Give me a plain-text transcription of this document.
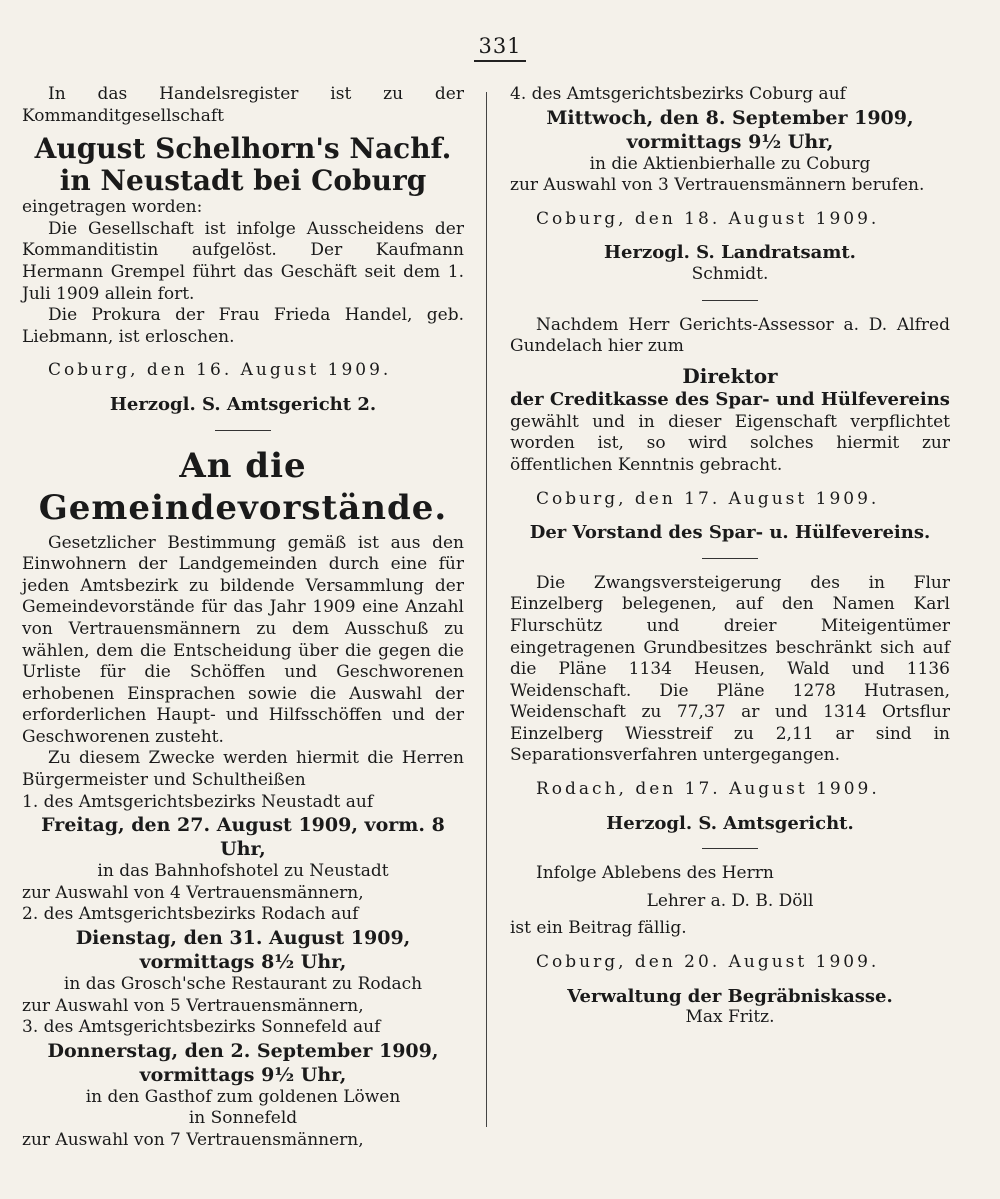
331

In das Handelsregister ist zu der Kommanditgesellschaft

August Schelhorn's Nachf.

in Neustadt bei Coburg

eingetragen worden:

Die Gesellschaft ist infolge Ausscheidens der Kommanditistin aufgelöst. Der Kaufmann Hermann Grempel führt das Geschäft seit dem 1. Juli 1909 allein fort.

Die Prokura der Frau Frieda Handel, geb. Liebmann, ist erloschen.

Coburg, den 16. August 1909.

Herzogl. S. Amtsgericht 2.

An die Gemeindevorstände.

Gesetzlicher Bestimmung gemäß ist aus den Einwohnern der Landgemeinden durch eine für jeden Amtsbezirk zu bildende Versammlung der Gemeindevorstände für das Jahr 1909 eine Anzahl von Vertrauensmännern zu dem Ausschuß zu wählen, dem die Entscheidung über die gegen die Urliste für die Schöffen und Geschworenen erhobenen Einsprachen sowie die Auswahl der erforderlichen Haupt- und Hilfsschöffen und der Geschworenen zusteht.

Zu diesem Zwecke werden hiermit die Herren Bürgermeister und Schultheißen

1. des Amtsgerichtsbezirks Neustadt auf

Freitag, den 27. August 1909, vorm. 8 Uhr,

in das Bahnhofshotel zu Neustadt

zur Auswahl von 4 Vertrauensmännern,

2. des Amtsgerichtsbezirks Rodach auf

Dienstag, den 31. August 1909,

vormittags 8½ Uhr,

in das Grosch'sche Restaurant zu Rodach

zur Auswahl von 5 Vertrauensmännern,

3. des Amtsgerichtsbezirks Sonnefeld auf

Donnerstag, den 2. September 1909,

vormittags 9½ Uhr,

in den Gasthof zum goldenen Löwen

in Sonnefeld

zur Auswahl von 7 Vertrauensmännern,

4. des Amtsgerichtsbezirks Coburg auf

Mittwoch, den 8. September 1909,

vormittags 9½ Uhr,

in die Aktienbierhalle zu Coburg

zur Auswahl von 3 Vertrauensmännern berufen.

Coburg, den 18. August 1909.

Herzogl. S. Landratsamt.

Schmidt.

Nachdem Herr Gerichts-Assessor a. D. Alfred Gundelach hier zum

Direktor

der Creditkasse des Spar- und Hülfevereins

gewählt und in dieser Eigenschaft verpflichtet worden ist, so wird solches hiermit zur öffentlichen Kenntnis gebracht.

Coburg, den 17. August 1909.

Der Vorstand des Spar- u. Hülfevereins.

Die Zwangsversteigerung des in Flur Einzelberg belegenen, auf den Namen Karl Flurschütz und dreier Miteigentümer eingetragenen Grundbesitzes beschränkt sich auf die Pläne 1134 Heusen, Wald und 1136 Weidenschaft. Die Pläne 1278 Hutrasen, Weidenschaft zu 77,37 ar und 1314 Ortsflur Einzelberg Wiesstreif zu 2,11 ar sind in Separationsverfahren untergegangen.

Rodach, den 17. August 1909.

Herzogl. S. Amtsgericht.

Infolge Ablebens des Herrn

Lehrer a. D. B. Döll

ist ein Beitrag fällig.

Coburg, den 20. August 1909.

Verwaltung der Begräbniskasse.

Max Fritz.
